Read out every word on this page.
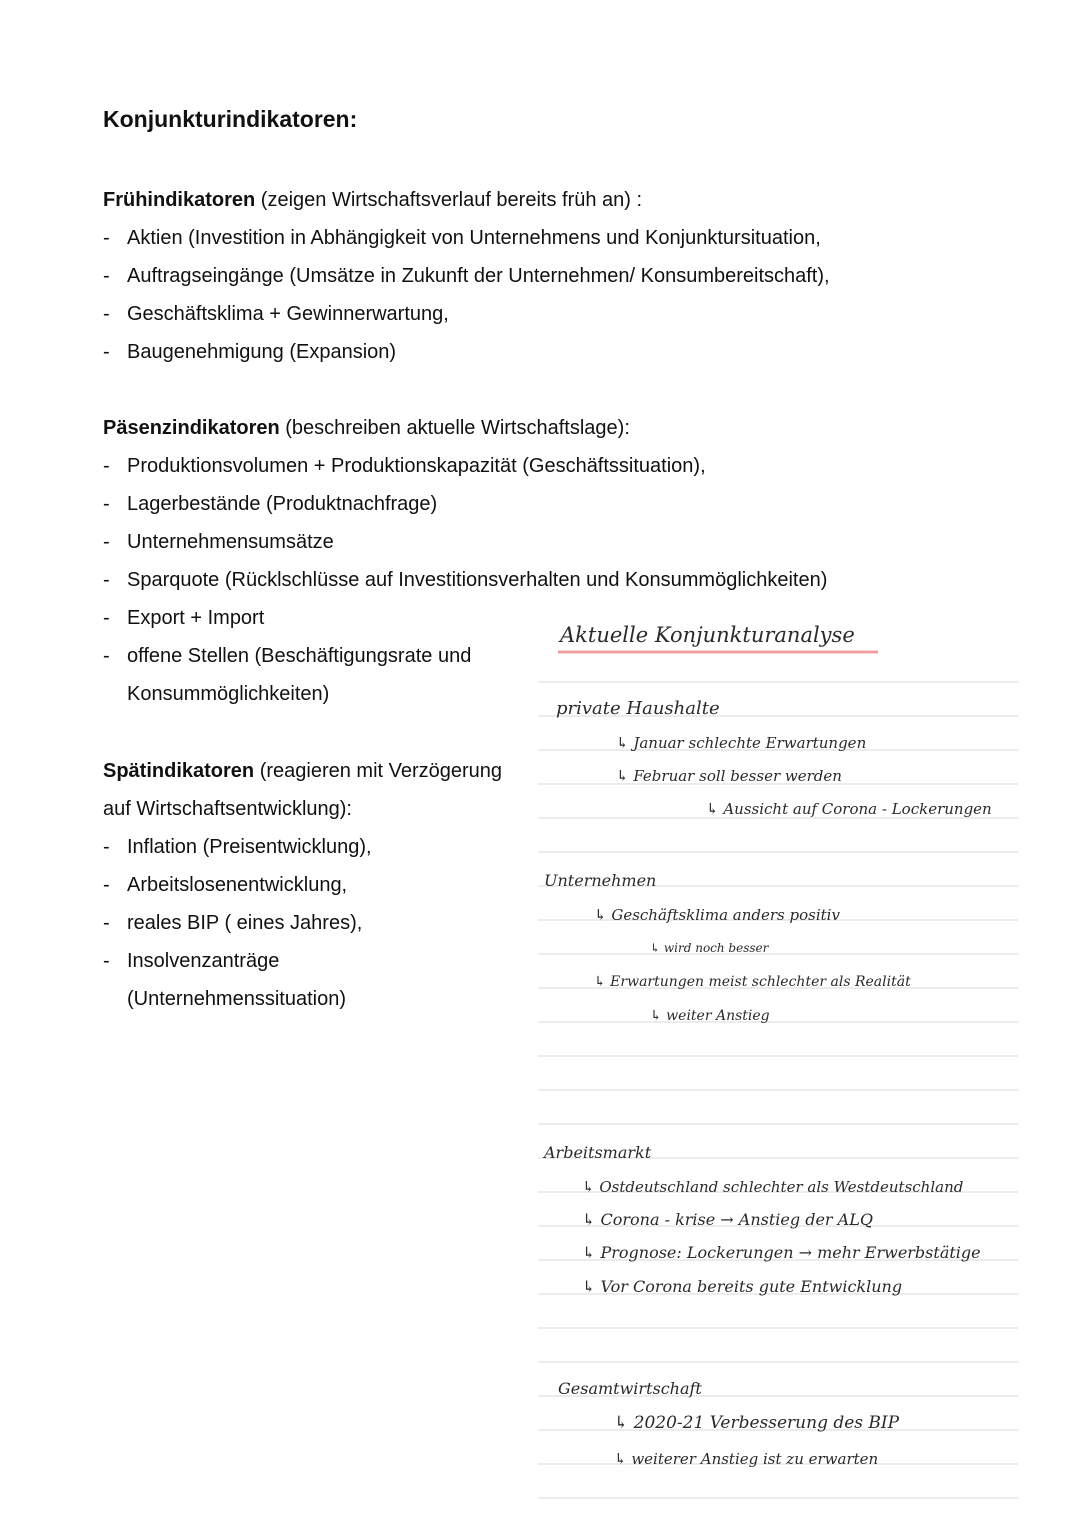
Konjunkturindikatoren:
Frühindikatoren (zeigen Wirtschaftsverlauf bereits früh an) :
- Aktien (Investition in Abhängigkeit von Unternehmens und Konjunktursituation,
- Auftragseingänge (Umsätze in Zukunft der Unternehmen/ Konsumbereitschaft),
- Geschäftsklima + Gewinnerwartung,
- Baugenehmigung (Expansion)
Päsenzindikatoren (beschreiben aktuelle Wirtschaftslage):
- Produktionsvolumen + Produktionskapazität (Geschäftssituation),
- Lagerbestände (Produktnachfrage)
- Unternehmensumsätze
- Sparquote (Rücklschlüsse auf Investitionsverhalten und Konsummöglichkeiten)
- Export + Import
- offene Stellen (Beschäftigungsrate und Konsummöglichkeiten)
Spätindikatoren (reagieren mit Verzögerung auf Wirtschaftsentwicklung):
- Inflation (Preisentwicklung),
- Arbeitslosenentwicklung,
- reales BIP ( eines Jahres),
- Insolvenzanträge (Unternehmenssituation)
Aktuelle Konjunkturanalyse
private Haushalte
↳ Januar schlechte Erwartungen
↳ Februar soll besser werden
↳ Aussicht auf Corona - Lockerungen
Unternehmen
↳ Geschäftsklima anders positiv
↳ wird noch besser
↳ Erwartungen meist schlechter als Realität
↳ weiter Anstieg
Arbeitsmarkt
↳ Ostdeutschland schlechter als Westdeutschland
↳ Corona - krise → Anstieg der ALQ
↳ Prognose: Lockerungen → mehr Erwerbstätige
↳ Vor Corona bereits gute Entwicklung
Gesamtwirtschaft
↳ 2020-21 Verbesserung des BIP
↳ weiterer Anstieg ist zu erwarten
